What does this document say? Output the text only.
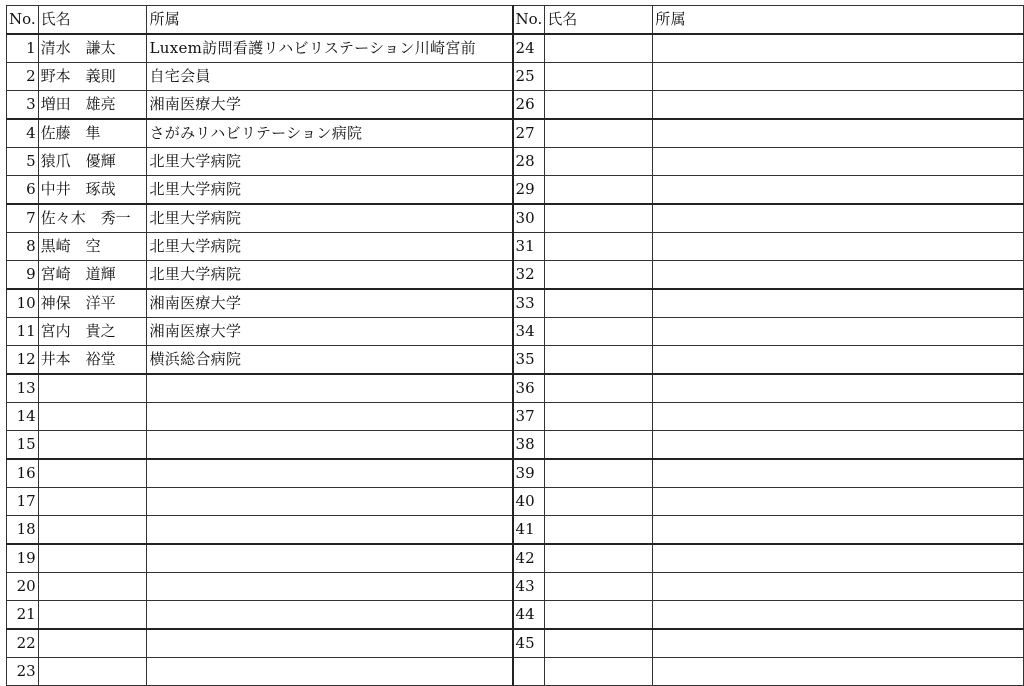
No.	氏名	所属	No.	氏名	所属
1	清水　謙太	Luxem訪問看護リハビリステーション川崎宮前	24		
2	野本　義則	自宅会員	25		
3	増田　雄亮	湘南医療大学	26		
4	佐藤　隼	さがみリハビリテーション病院	27		
5	猿爪　優輝	北里大学病院	28		
6	中井　琢哉	北里大学病院	29		
7	佐々木　秀一	北里大学病院	30		
8	黒崎　空	北里大学病院	31		
9	宮崎　道輝	北里大学病院	32		
10	神保　洋平	湘南医療大学	33		
11	宮内　貴之	湘南医療大学	34		
12	井本　裕堂	横浜総合病院	35		
13			36		
14			37		
15			38		
16			39		
17			40		
18			41		
19			42		
20			43		
21			44		
22			45		
23					
